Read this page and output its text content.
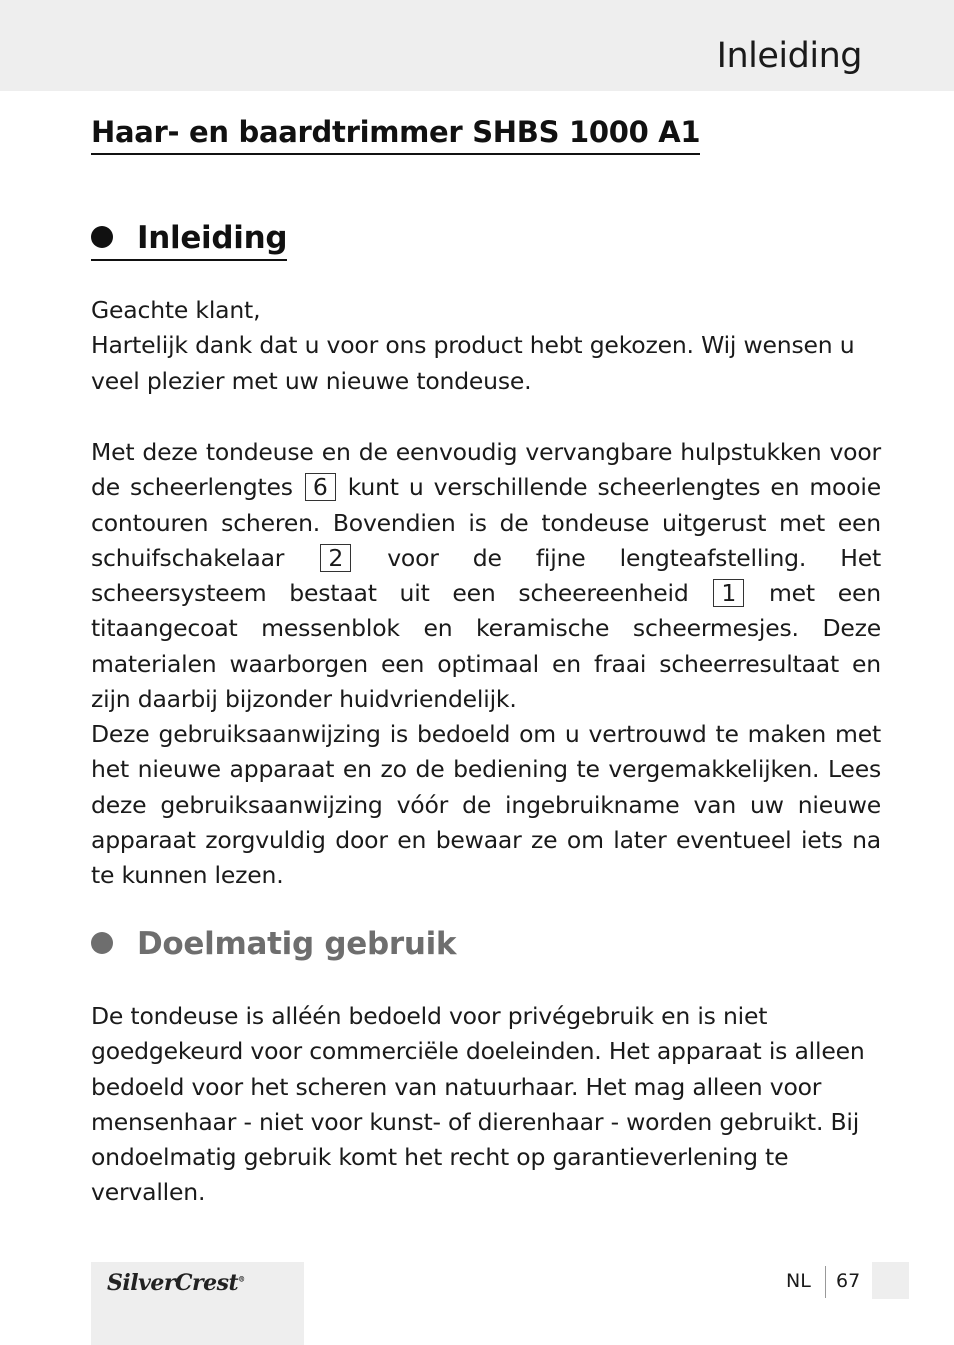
Inleiding
Haar- en baardtrimmer SHBS 1000 A1
Inleiding
Geachte klant,
Hartelijk dank dat u voor ons product hebt gekozen. Wij wensen u veel plezier met uw nieuwe tondeuse.

Met deze tondeuse en de eenvoudig vervangbare hulpstukken voor de scheerlengtes 6 kunt u verschillende scheerlengtes en mooie contouren scheren. Bovendien is de tondeuse uitgerust met een schuifschakelaar 2 voor de fijne lengteafstelling. Het scheersysteem bestaat uit een scheereenheid 1 met een titaangecoat messenblok en keramische scheermesjes. Deze materialen waarborgen een optimaal en fraai scheerresultaat en zijn daarbij bijzonder huidvriendelijk.

Deze gebruiksaanwijzing is bedoeld om u vertrouwd te maken met het nieuwe apparaat en zo de bediening te vergemakkelijken. Lees deze gebruiksaanwijzing vóór de ingebruikname van uw nieuwe apparaat zorgvuldig door en bewaar ze om later eventueel iets na te kunnen lezen.

Doelmatig gebruik

De tondeuse is alléén bedoeld voor privégebruik en is niet goedgekeurd voor commerciële doeleinden. Het apparaat is alleen bedoeld voor het scheren van natuurhaar. Het mag alleen voor mensenhaar - niet voor kunst- of dierenhaar - worden gebruikt. Bij ondoelmatig gebruik komt het recht op garantieverlening te vervallen.

SilverCrest®	NL 67
